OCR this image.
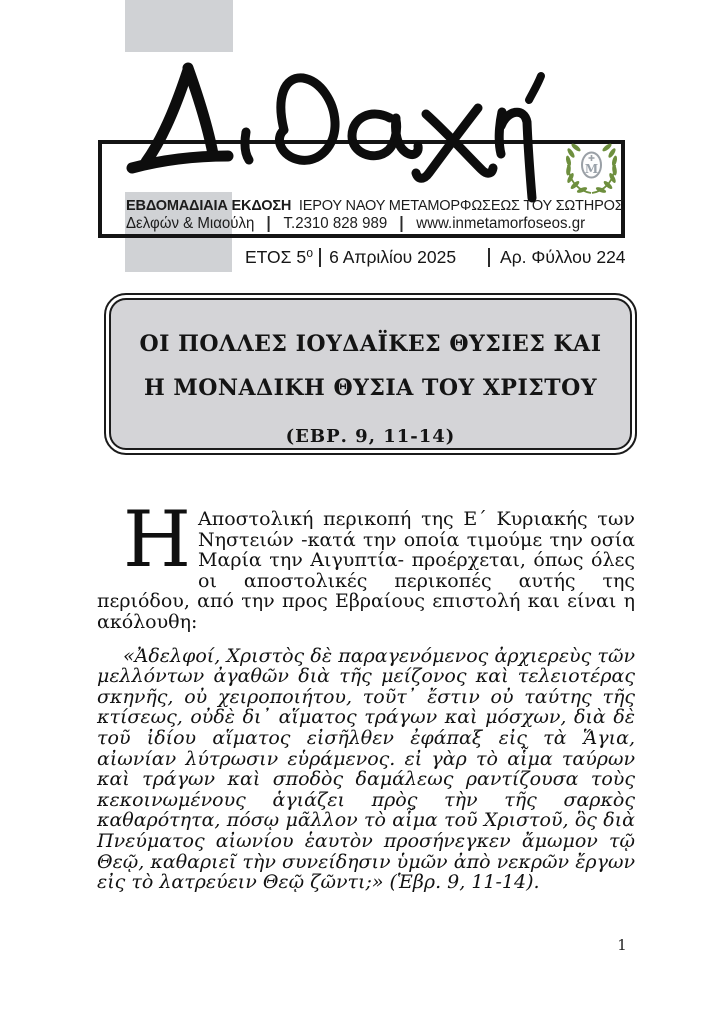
M
ΕΒΔΟΜΑΔΙΑΙΑ ΕΚΔΟΣΗ ΙΕΡΟΥ ΝΑΟΥ ΜΕΤΑΜΟΡΦΩΣΕΩΣ ΤΟΥ ΣΩΤΗΡΟΣ
Δελφών & Μιαούλη Τ.2310 828 989 www.inmetamorfoseos.gr
ΕΤΟΣ 5⁰ 6 Απριλίου 2025	Αρ. Φύλλου 224
ΟΙ ΠΟΛΛΕΣ ΙΟΥΔΑΪΚΕΣ ΘΥΣΙΕΣ ΚΑΙ
Η ΜΟΝΑΔΙΚΗ ΘΥΣΙΑ ΤΟΥ ΧΡΙΣΤΟΥ
(ΕΒΡ. 9, 11-14)

Η Αποστολική περικοπή της Ε΄ Κυριακής των Νηστειών -κατά την οποία τιμούμε την οσία Μαρία την Αιγυπτία- προέρχεται, όπως όλες οι αποστολικές περικοπές αυτής της περιόδου, από την προς Εβραίους επιστολή και είναι η ακόλουθη:

«Ἀδελφοί, Χριστὸς δὲ παραγενόμενος ἀρχιερεὺς τῶν μελλόντων ἀγαθῶν διὰ τῆς μείζονος καὶ τελειοτέρας σκηνῆς, οὐ χειροποιήτου, τοῦτ᾽ ἔστιν οὐ ταύτης τῆς κτίσεως, οὐδὲ δι᾽ αἵματος τράγων καὶ μόσχων, διὰ δὲ τοῦ ἰδίου αἵματος εἰσῆλθεν ἐφάπαξ εἰς τὰ Ἅγια, αἰωνίαν λύτρωσιν εὑράμενος. εἰ γὰρ τὸ αἷμα ταύρων καὶ τράγων καὶ σποδὸς δαμάλεως ραντίζουσα τοὺς κεκοινωμένους ἁγιάζει πρὸς τὴν τῆς σαρκὸς καθαρότητα, πόσῳ μᾶλλον τὸ αἷμα τοῦ Χριστοῦ, ὃς διὰ Πνεύματος αἰωνίου ἑαυτὸν προσήνεγκεν ἄμωμον τῷ Θεῷ, καθαριεῖ τὴν συνείδησιν ὑμῶν ἀπὸ νεκρῶν ἔργων εἰς τὸ λατρεύειν Θεῷ ζῶντι;» (Ἑβρ. 9, 11-14).

1
